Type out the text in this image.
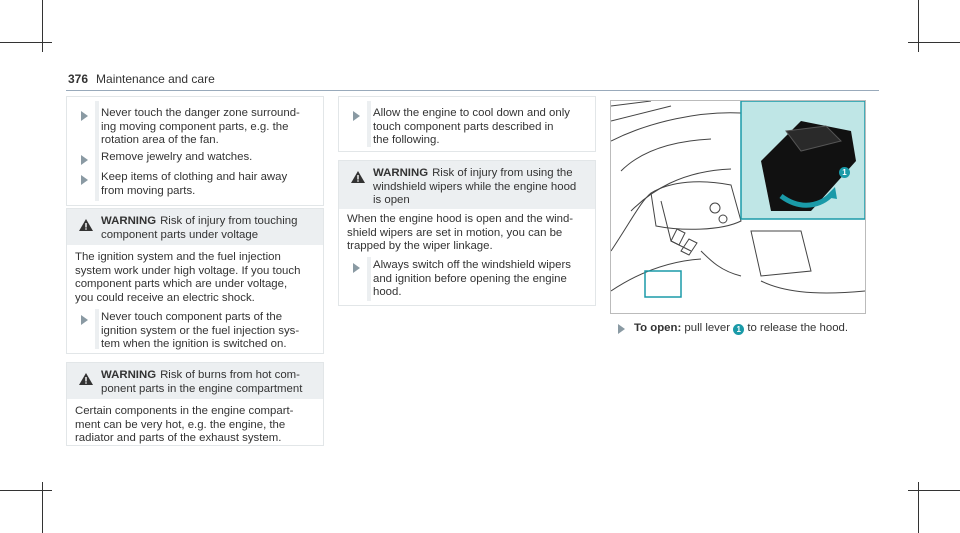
376 Maintenance and care
Never touch the danger zone surround-
ing moving component parts, e.g. the
rotation area of the fan.
Remove jewelry and watches.
Keep items of clothing and hair away
from moving parts.
WARNING Risk of injury from touching
component parts under voltage
The ignition system and the fuel injection
system work under high voltage. If you touch
component parts which are under voltage,
you could receive an electric shock.
Never touch component parts of the
ignition system or the fuel injection sys-
tem when the ignition is switched on.
WARNING Risk of burns from hot com-
ponent parts in the engine compartment
Certain components in the engine compart-
ment can be very hot, e.g. the engine, the
radiator and parts of the exhaust system.
Allow the engine to cool down and only
touch component parts described in
the following.
WARNING Risk of injury from using the
windshield wipers while the engine hood
is open
When the engine hood is open and the wind-
shield wipers are set in motion, you can be
trapped by the wiper linkage.
Always switch off the windshield wipers
and ignition before opening the engine
hood.
1
To open: pull lever 1 to release the hood.
